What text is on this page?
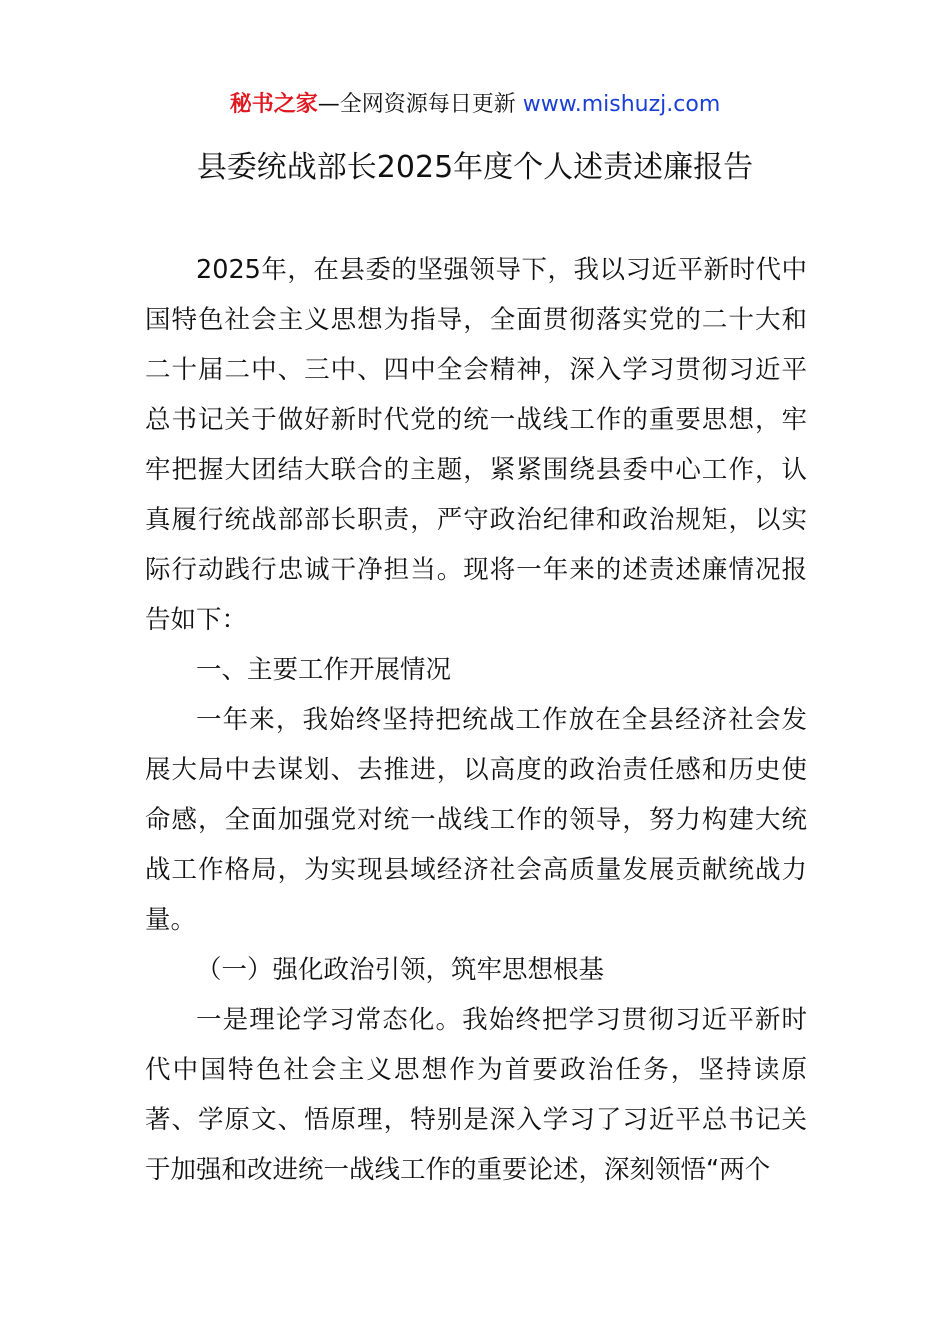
秘书之家—全网资源每日更新 www.mishuzj.com
县委统战部长2025年度个人述责述廉报告

2025年，在县委的坚强领导下，我以习近平新时代中国特色社会主义思想为指导，全面贯彻落实党的二十大和二十届二中、三中、四中全会精神，深入学习贯彻习近平总书记关于做好新时代党的统一战线工作的重要思想，牢牢把握大团结大联合的主题，紧紧围绕县委中心工作，认真履行统战部部长职责，严守政治纪律和政治规矩，以实际行动践行忠诚干净担当。现将一年来的述责述廉情况报告如下：

一、主要工作开展情况

一年来，我始终坚持把统战工作放在全县经济社会发展大局中去谋划、去推进，以高度的政治责任感和历史使命感，全面加强党对统一战线工作的领导，努力构建大统战工作格局，为实现县域经济社会高质量发展贡献统战力量。

（一）强化政治引领，筑牢思想根基

一是理论学习常态化。我始终把学习贯彻习近平新时代中国特色社会主义思想作为首要政治任务，坚持读原著、学原文、悟原理，特别是深入学习了习近平总书记关于加强和改进统一战线工作的重要论述，深刻领悟“两个
